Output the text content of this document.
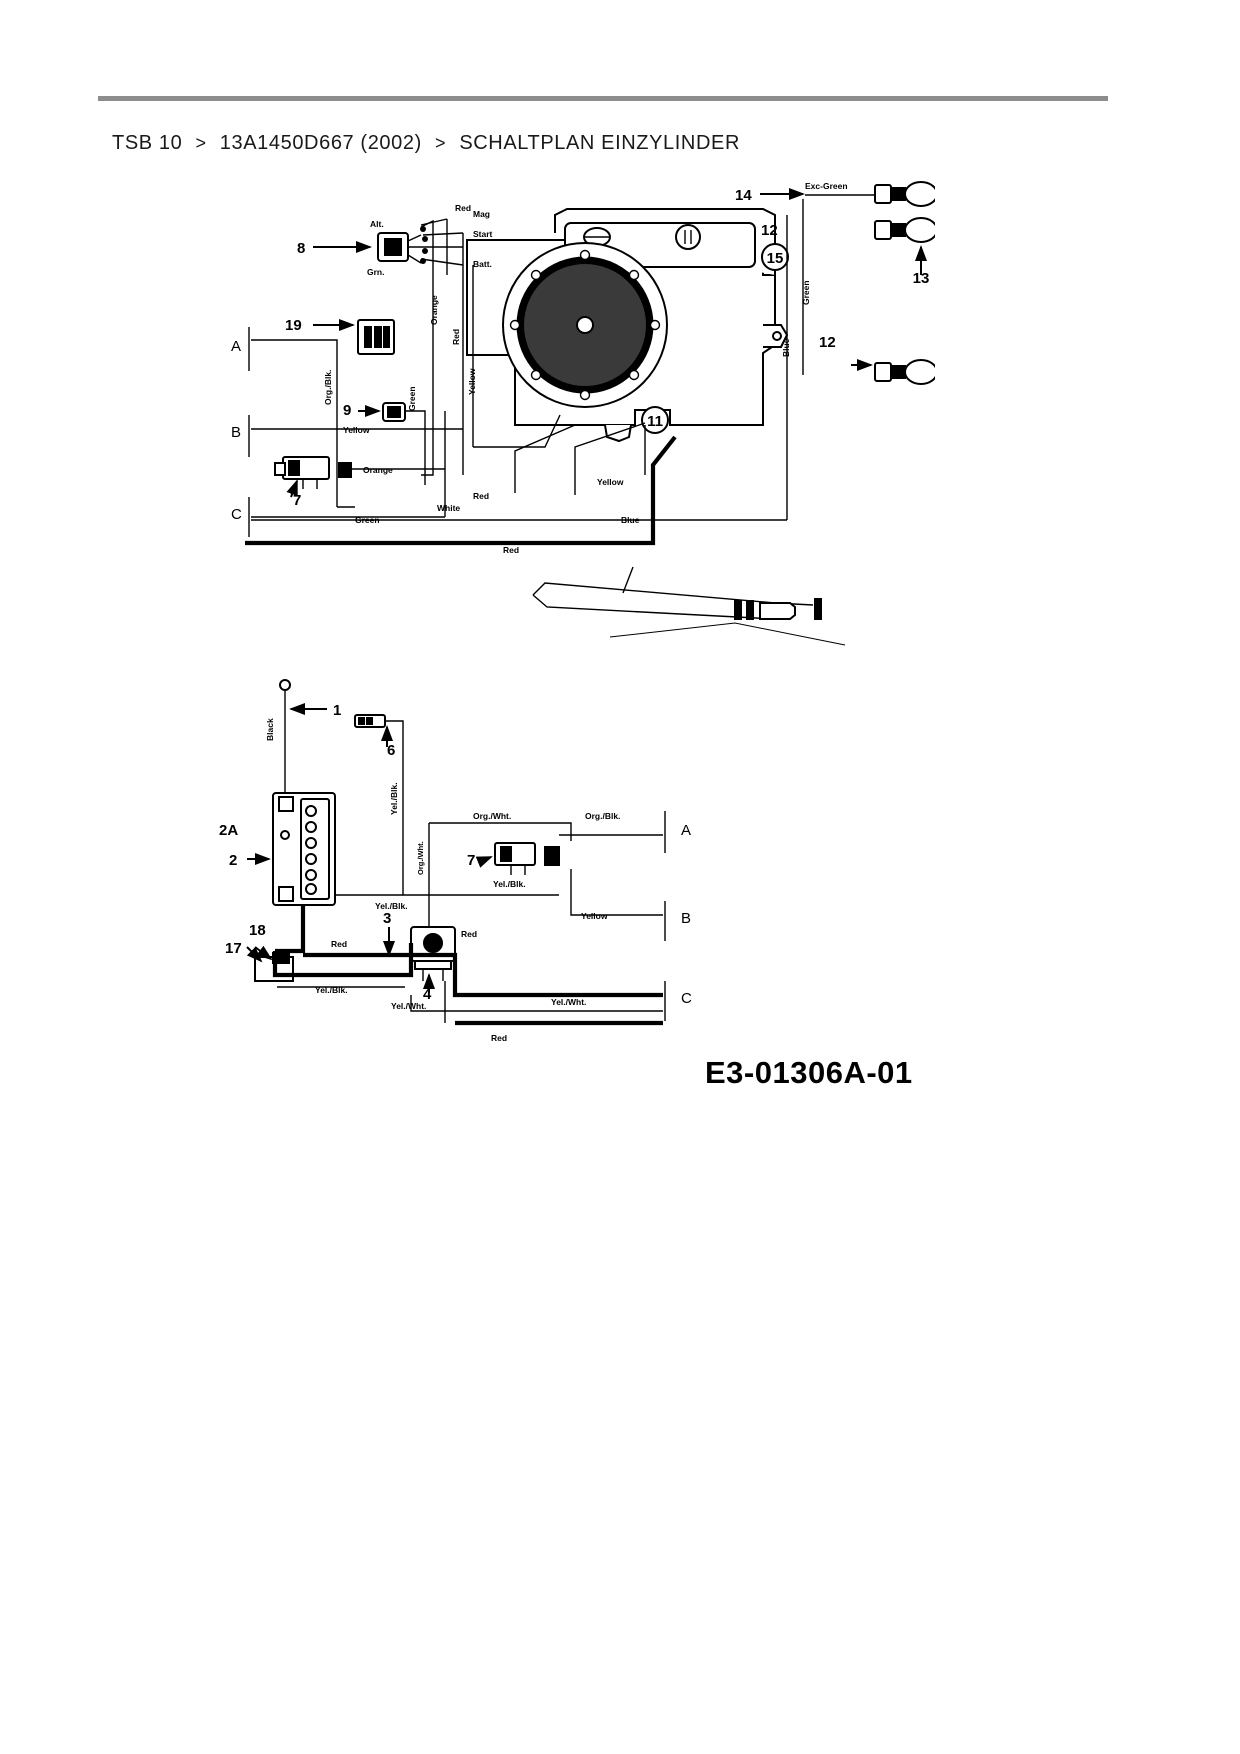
TSB 10 > 13A1450D667 (2002) > SCHALTPLAN EINZYLINDER
Alt.
Grn.
Mag
Start
Batt.
8
19
9
Yellow
Green
7
11
Exc-Green
14
12
15
13
12
Green
Blue
A
B
C
Red
Orange
Red
Yellow
Org./Blk.
Orange
Green
Red
White
Yellow
Blue
Red
1
Black
6
2A
2
18
17
3
4
7
A
B
C
Yel./Blk.
Org./Wht.
Org./Wht.	Org./Blk.
Yel./Blk.
Yel./Blk.
Yellow
Red
Red
Yel./Blk.
Yel./Wht.	Yel./Wht.
Red
E3-01306A-01
